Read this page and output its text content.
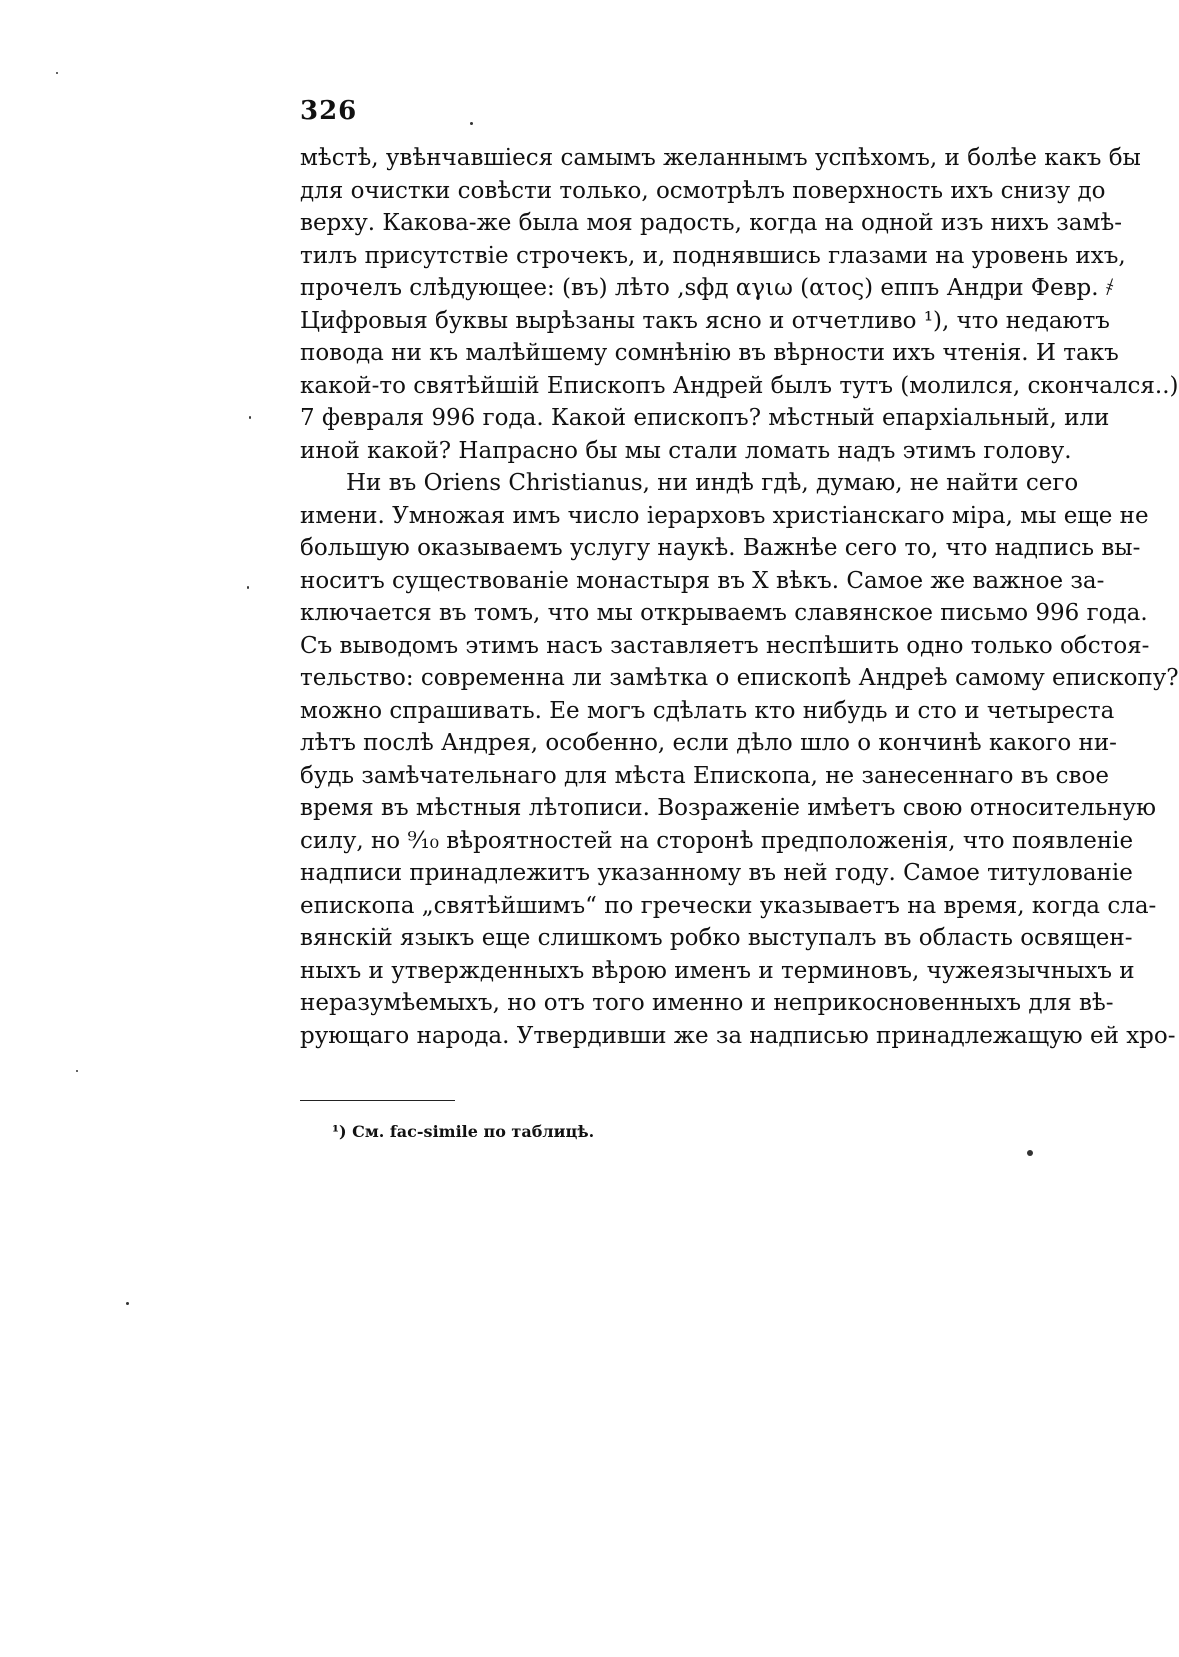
326
мѣстѣ, увѣнчавшіеся самымъ желаннымъ успѣхомъ, и болѣе какъ бы
для очистки совѣсти только, осмотрѣлъ поверхность ихъ снизу до
верху. Какова-же была моя радость, когда на одной изъ нихъ замѣ-
тилъ присутствіе строчекъ, и, поднявшись глазами на уровень ихъ,
прочелъ слѣдующее: (въ) лѣто ,ѕфд αγιω (ατος) еппъ Андри Февр. ҂
Цифровыя буквы вырѣзаны такъ ясно и отчетливо ¹), что недаютъ
повода ни къ малѣйшему сомнѣнію въ вѣрности ихъ чтенія. И такъ
какой-то святѣйшій Епископъ Андрей былъ тутъ (молился, скончался..)
7 февраля 996 года. Какой епископъ? мѣстный епархіальный, или
иной какой? Напрасно бы мы стали ломать надъ этимъ голову.
Ни въ Oriens Christianus, ни индѣ гдѣ, думаю, не найти сего
имени. Умножая имъ число іерарховъ христіанскаго міра, мы еще не
большую оказываемъ услугу наукѣ. Важнѣе сего то, что надпись вы-
носитъ существованіе монастыря въ X вѣкъ. Самое же важное за-
ключается въ томъ, что мы открываемъ славянское письмо 996 года.
Съ выводомъ этимъ насъ заставляетъ неспѣшить одно только обстоя-
тельство: современна ли замѣтка о епископѣ Андреѣ самому епископу?
можно спрашивать. Ее могъ сдѣлать кто нибудь и сто и четыреста
лѣтъ послѣ Андрея, особенно, если дѣло шло о кончинѣ какого ни-
будь замѣчательнаго для мѣста Епископа, не занесеннаго въ свое
время въ мѣстныя лѣтописи. Возраженіе имѣетъ свою относительную
силу, но ⁹⁄₁₀ вѣроятностей на сторонѣ предположенія, что появленіе
надписи принадлежитъ указанному въ ней году. Самое титулованіе
епископа „святѣйшимъ“ по гречески указываетъ на время, когда сла-
вянскій языкъ еще слишкомъ робко выступалъ въ область освящен-
ныхъ и утвержденныхъ вѣрою именъ и терминовъ, чужеязычныхъ и
неразумѣемыхъ, но отъ того именно и неприкосновенныхъ для вѣ-
рующаго народа. Утвердивши же за надписью принадлежащую ей хро-
¹) См. fac-simile по таблицѣ.
